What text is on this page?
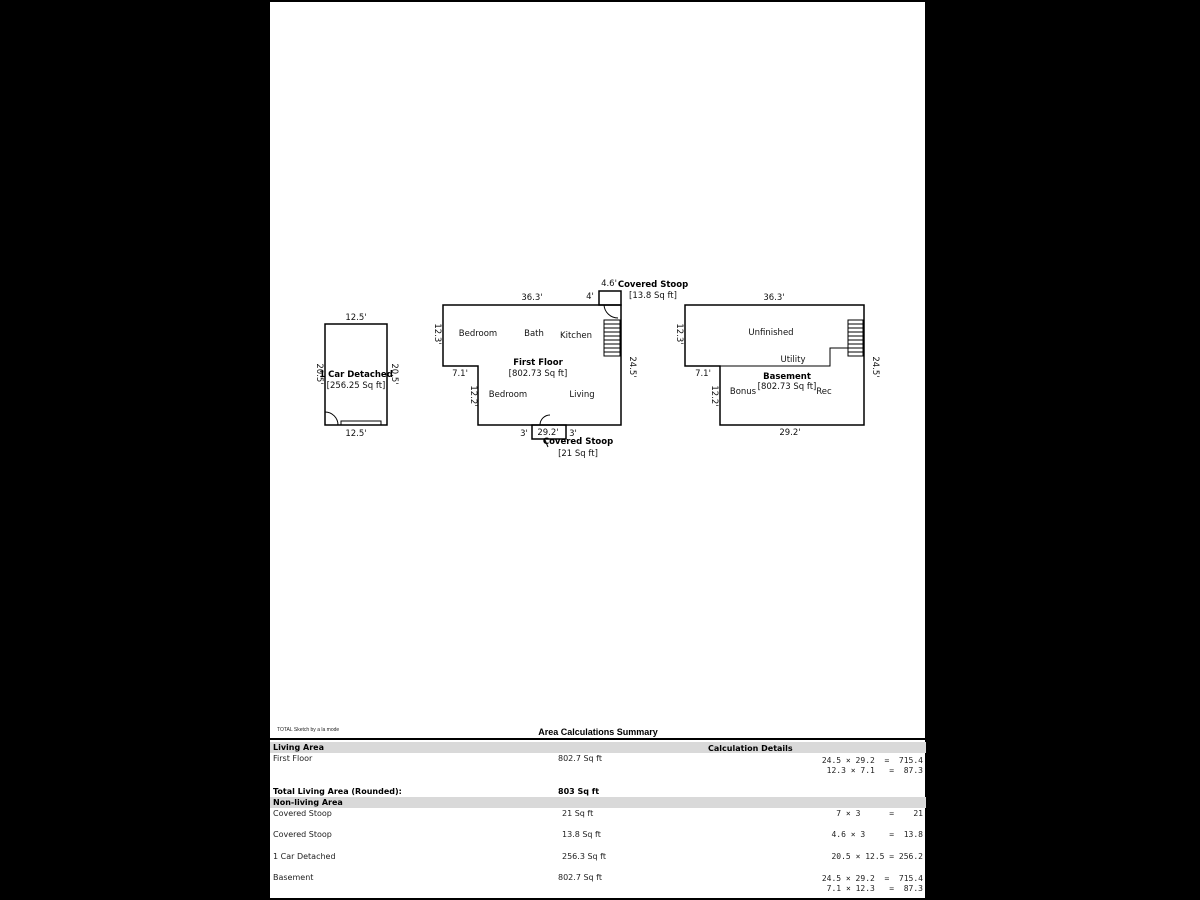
12.5'
12.5'
20.5'	20.5'
1 Car Detached
[256.25 Sq ft]
36.3'	4'
12.3'
7.1'
12.2'
24.5'
29.2'
Bedroom	Bath Kitchen
Bedroom	Living
First Floor
[802.73 Sq ft]
4.6' Covered Stoop
[13.8 Sq ft]
3'	3'
Covered Stoop
[21 Sq ft]
36.3'
12.3'
7.1'
12.2'
24.5'
29.2'
Unfinished
Utility
Bonus	Rec
Basement
[802.73 Sq ft]
TOTAL Sketch by a la mode	Area Calculations Summary
Living Area	Calculation Details
First Floor	802.7 Sq ft	24.5 × 29.2  =  715.4
12.3 × 7.1   =  87.3
Total Living Area (Rounded):	803 Sq ft
Non-living Area
Covered Stoop	21 Sq ft	7 × 3      =    21
Covered Stoop	13.8 Sq ft	4.6 × 3     =  13.8
1 Car Detached	256.3 Sq ft	20.5 × 12.5 = 256.2
Basement	802.7 Sq ft	24.5 × 29.2  =  715.4
7.1 × 12.3   =  87.3
